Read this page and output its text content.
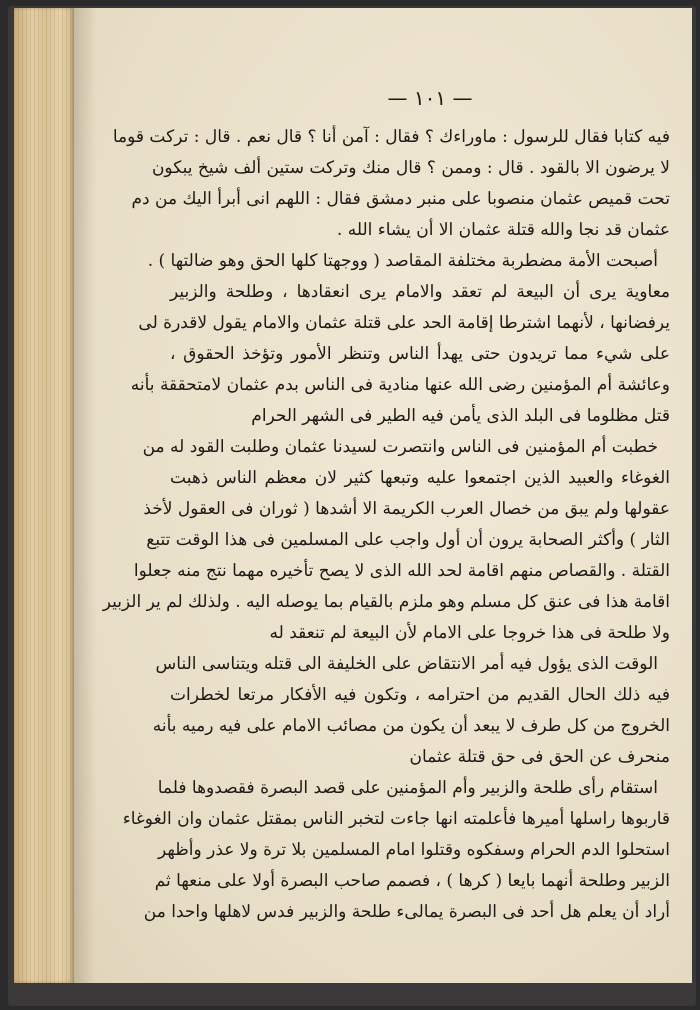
— ١٠١ —
فيه كتابا فقال للرسول : ماوراءك ؟ فقال : آمن أنا ؟ قال نعم . قال : تركت قوما
لا يرضون الا بالقود . قال : وممن ؟ قال منك وتركت ستين ألف شيخ يبكون
تحت قميص عثمان منصوبا على منبر دمشق فقال : اللهم انى أبرأ اليك من دم
عثمان قد نجا والله قتلة عثمان الا أن يشاء الله .
أصبحت الأمة مضطربة مختلفة المقاصد ( ووجهتا كلها الحق وهو ضالتها ) .
معاوية يرى أن البيعة لم تعقد والامام يرى انعقادها ، وطلحة والزبير
يرفضانها ، لأنهما اشترطا إقامة الحد على قتلة عثمان والامام يقول لاقدرة لى
على شيء مما تريدون حتى يهدأ الناس وتنظر الأمور وتؤخذ الحقوق ،
وعائشة أم المؤمنين رضى الله عنها منادية فى الناس بدم عثمان لامتحققة بأنه
قتل مظلوما فى البلد الذى يأمن فيه الطير فى الشهر الحرام
خطبت أم المؤمنين فى الناس وانتصرت لسيدنا عثمان وطلبت القود له من
الغوغاء والعبيد الذين اجتمعوا عليه وتبعها كثير لان معظم الناس ذهبت
عقولها ولم يبق من خصال العرب الكريمة الا أشدها ( ثوران فى العقول لأخذ
الثار ) وأكثر الصحابة يرون أن أول واجب على المسلمين فى هذا الوقت تتبع
القتلة . والقصاص منهم اقامة لحد الله الذى لا يصح تأخيره مهما نتج منه جعلوا
اقامة هذا فى عنق كل مسلم وهو ملزم بالقيام بما يوصله اليه . ولذلك لم ير الزبير
ولا طلحة فى هذا خروجا على الامام لأن البيعة لم تنعقد له
الوقت الذى يؤول فيه أمر الانتقاض على الخليفة الى قتله ويتناسى الناس
فيه ذلك الحال القديم من احترامه ، وتكون فيه الأفكار مرتعا لخطرات
الخروج من كل طرف لا يبعد أن يكون من مصائب الامام على فيه رميه بأنه
منحرف عن الحق فى حق قتلة عثمان
استقام رأى طلحة والزبير وأم المؤمنين على قصد البصرة فقصدوها فلما
قاربوها راسلها أميرها فأعلمته انها جاءت لتخبر الناس بمقتل عثمان وان الغوغاء
استحلوا الدم الحرام وسفكوه وقتلوا امام المسلمين بلا ترة ولا عذر وأظهر
الزبير وطلحة أنهما بايعا ( كرها ) ، فصمم صاحب البصرة أولا على منعها ثم
أراد أن يعلم هل أحد فى البصرة يمالىء طلحة والزبير فدس لاهلها واحدا من
